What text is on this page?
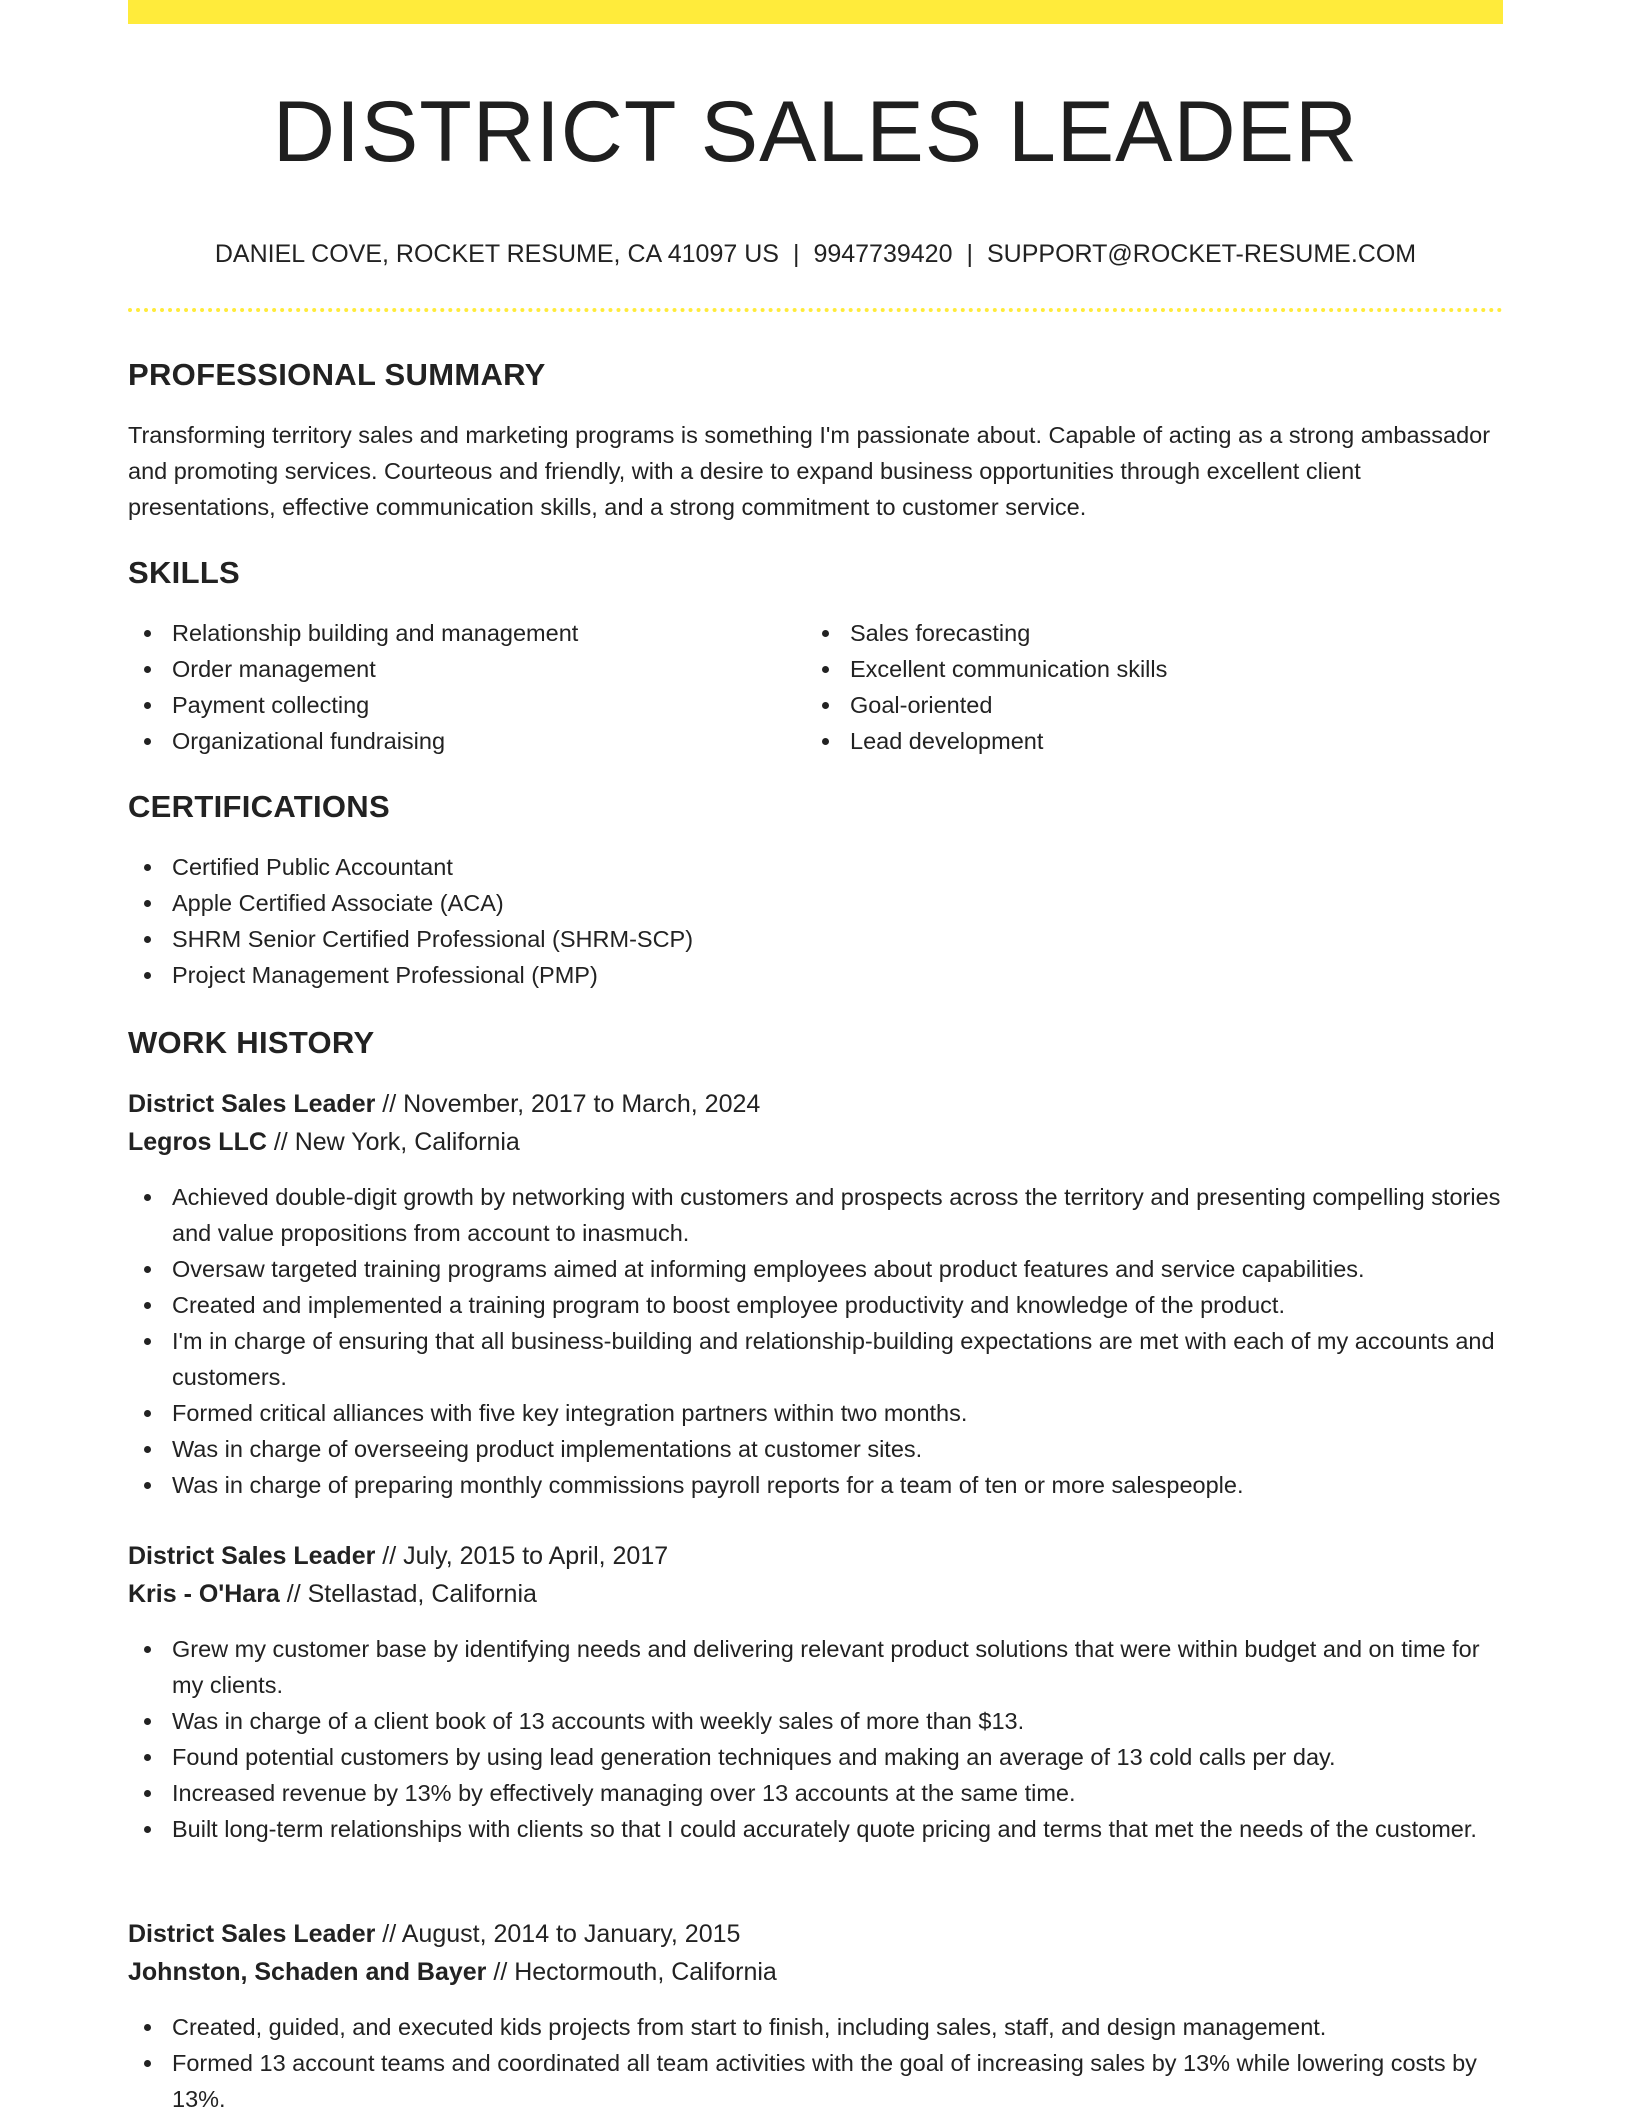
DISTRICT SALES LEADER
DANIEL COVE, ROCKET RESUME, CA 41097 US | 9947739420 | SUPPORT@ROCKET-RESUME.COM
PROFESSIONAL SUMMARY

Transforming territory sales and marketing programs is something I'm passionate about. Capable of acting as a strong ambassador and promoting services. Courteous and friendly, with a desire to expand business opportunities through excellent client presentations, effective communication skills, and a strong commitment to customer service.

SKILLS
Relationship building and management
Order management
Payment collecting
Organizational fundraising
Sales forecasting
Excellent communication skills
Goal-oriented
Lead development
CERTIFICATIONS
Certified Public Accountant
Apple Certified Associate (ACA)
SHRM Senior Certified Professional (SHRM-SCP)
Project Management Professional (PMP)
WORK HISTORY
District Sales Leader // November, 2017 to March, 2024
Legros LLC // New York, California
Achieved double-digit growth by networking with customers and prospects across the territory and presenting compelling stories and value propositions from account to inasmuch.
Oversaw targeted training programs aimed at informing employees about product features and service capabilities.
Created and implemented a training program to boost employee productivity and knowledge of the product.
I'm in charge of ensuring that all business-building and relationship-building expectations are met with each of my accounts and customers.
Formed critical alliances with five key integration partners within two months.
Was in charge of overseeing product implementations at customer sites.
Was in charge of preparing monthly commissions payroll reports for a team of ten or more salespeople.
District Sales Leader // July, 2015 to April, 2017
Kris - O'Hara // Stellastad, California
Grew my customer base by identifying needs and delivering relevant product solutions that were within budget and on time for my clients.
Was in charge of a client book of 13 accounts with weekly sales of more than $13.
Found potential customers by using lead generation techniques and making an average of 13 cold calls per day.
Increased revenue by 13% by effectively managing over 13 accounts at the same time.
Built long-term relationships with clients so that I could accurately quote pricing and terms that met the needs of the customer.
District Sales Leader // August, 2014 to January, 2015
Johnston, Schaden and Bayer // Hectormouth, California
Created, guided, and executed kids projects from start to finish, including sales, staff, and design management.
Formed 13 account teams and coordinated all team activities with the goal of increasing sales by 13% while lowering costs by 13%.
